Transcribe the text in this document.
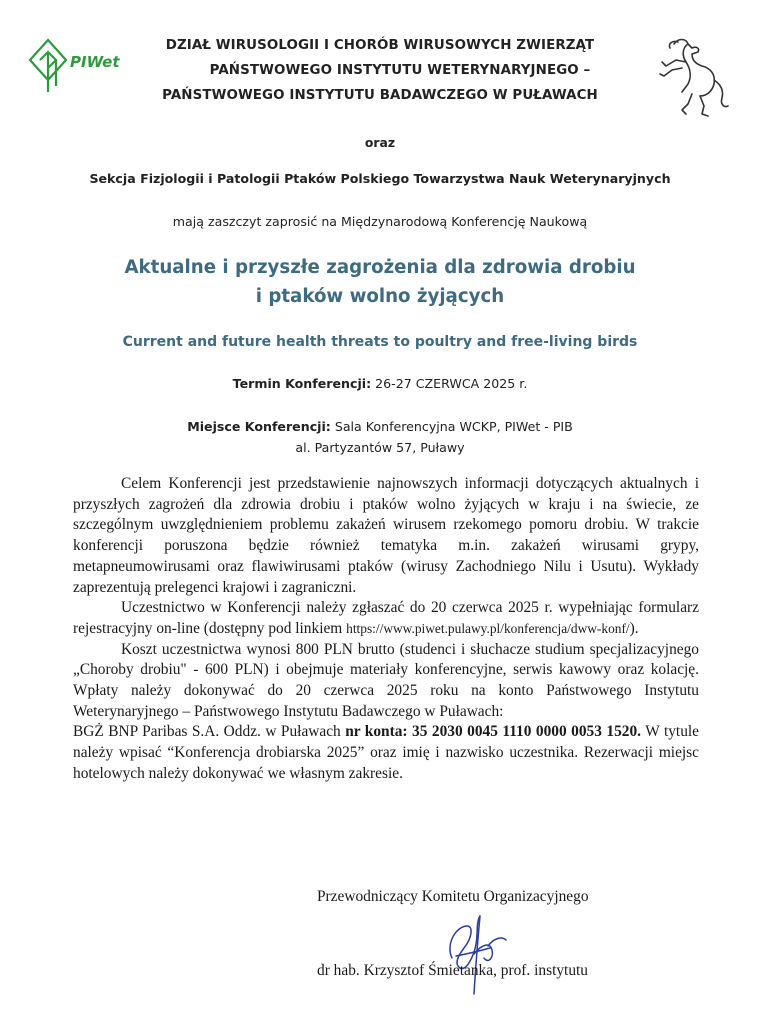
PIWet
DZIAŁ WIRUSOLOGII I CHORÓB WIRUSOWYCH ZWIERZĄT
PAŃSTWOWEGO INSTYTUTU WETERYNARYJNEGO –
PAŃSTWOWEGO INSTYTUTU BADAWCZEGO W PUŁAWACH
oraz
Sekcja Fizjologii i Patologii Ptaków Polskiego Towarzystwa Nauk Weterynaryjnych
mają zaszczyt zaprosić na Międzynarodową Konferencję Naukową
Aktualne i przyszłe zagrożenia dla zdrowia drobiu
i ptaków wolno żyjących
Current and future health threats to poultry and free-living birds
Termin Konferencji: 26-27 CZERWCA 2025 r.
Miejsce Konferencji: Sala Konferencyjna WCKP, PIWet - PIB
al. Partyzantów 57, Puławy

Celem Konferencji jest przedstawienie najnowszych informacji dotyczących aktualnych i przyszłych zagrożeń dla zdrowia drobiu i ptaków wolno żyjących w kraju i na świecie, ze szczególnym uwzględnieniem problemu zakażeń wirusem rzekomego pomoru drobiu. W trakcie konferencji poruszona będzie również tematyka m.in. zakażeń wirusami grypy, metapneumowirusami oraz flawiwirusami ptaków (wirusy Zachodniego Nilu i Usutu). Wykłady zaprezentują prelegenci krajowi i zagraniczni.

Uczestnictwo w Konferencji należy zgłaszać do 20 czerwca 2025 r. wypełniając formularz rejestracyjny on-line (dostępny pod linkiem https://www.piwet.pulawy.pl/konferencja/dww-konf/).

Koszt uczestnictwa wynosi 800 PLN brutto (studenci i słuchacze studium specjalizacyjnego „Choroby drobiu" - 600 PLN) i obejmuje materiały konferencyjne, serwis kawowy oraz kolację. Wpłaty należy dokonywać do 20 czerwca 2025 roku na konto Państwowego Instytutu Weterynaryjnego – Państwowego Instytutu Badawczego w Puławach:

BGŻ BNP Paribas S.A. Oddz. w Puławach nr konta: 35 2030 0045 1110 0000 0053 1520. W tytule należy wpisać “Konferencja drobiarska 2025” oraz imię i nazwisko uczestnika. Rezerwacji miejsc hotelowych należy dokonywać we własnym zakresie.

Przewodniczący Komitetu Organizacyjnego
dr hab. Krzysztof Śmietanka, prof. instytutu
